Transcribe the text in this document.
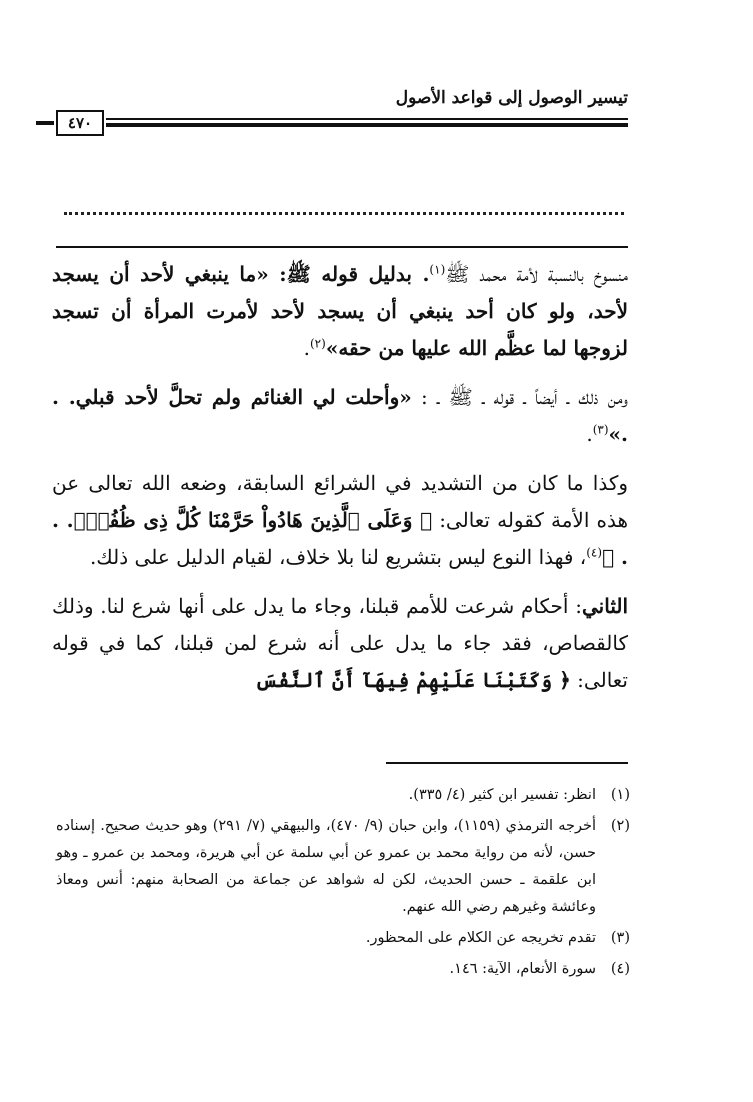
تيسير الوصول إلى قواعد الأصول
٤٧٠

منسوخ بالنسبة لأمة محمد ﷺ$^{(١)}$. بدليل قوله ﷺ: «ما ينبغي لأحد أن يسجد لأحد، ولو كان أحد ينبغي أن يسجد لأحد لأمرت المرأة أن تسجد لزوجها لما عظَّم الله عليها من حقه»$^{(٢)}$.

ومن ذلك ـ أيضاً ـ قوله ـ ﷺ ـ : «وأحلت لي الغنائم ولم تحلَّ لأحد قبلي. . .»$^{(٣)}$.

وكذا ما كان من التشديد في الشرائع السابقة، وضعه الله تعالى عن هذه الأمة كقوله تعالى: ﴿ وَعَلَى ٱلَّذِينَ هَادُواْ حَرَّمْنَا كُلَّ ذِى ظُفُرٍۢ. . . ﴾$^{(٤)}$، فهذا النوع ليس بتشريع لنا بلا خلاف، لقيام الدليل على ذلك.

الثاني: أحكام شرعت للأمم قبلنا، وجاء ما يدل على أنها شرع لنا. وذلك كالقصاص، فقد جاء ما يدل على أنه شرع لمن قبلنا، كما في قوله تعالى: ﴿ وَكَتَبْنَا عَلَيْهِمْ فِيهَآ أَنَّ ٱلنَّفْسَ

(١)
انظر: تفسير ابن كثير (٤/ ٣٣٥).
(٢)
أخرجه الترمذي (١١٥٩)، وابن حبان (٩/ ٤٧٠)، والبيهقي (٧/ ٢٩١) وهو حديث صحيح. إسناده حسن، لأنه من رواية محمد بن عمرو عن أبي سلمة عن أبي هريرة، ومحمد بن عمرو ـ وهو ابن علقمة ـ حسن الحديث، لكن له شواهد عن جماعة من الصحابة منهم: أنس ومعاذ وعائشة وغيرهم رضي الله عنهم.
(٣)
تقدم تخريجه عن الكلام على المحظور.
(٤)
سورة الأنعام، الآية: ١٤٦.
